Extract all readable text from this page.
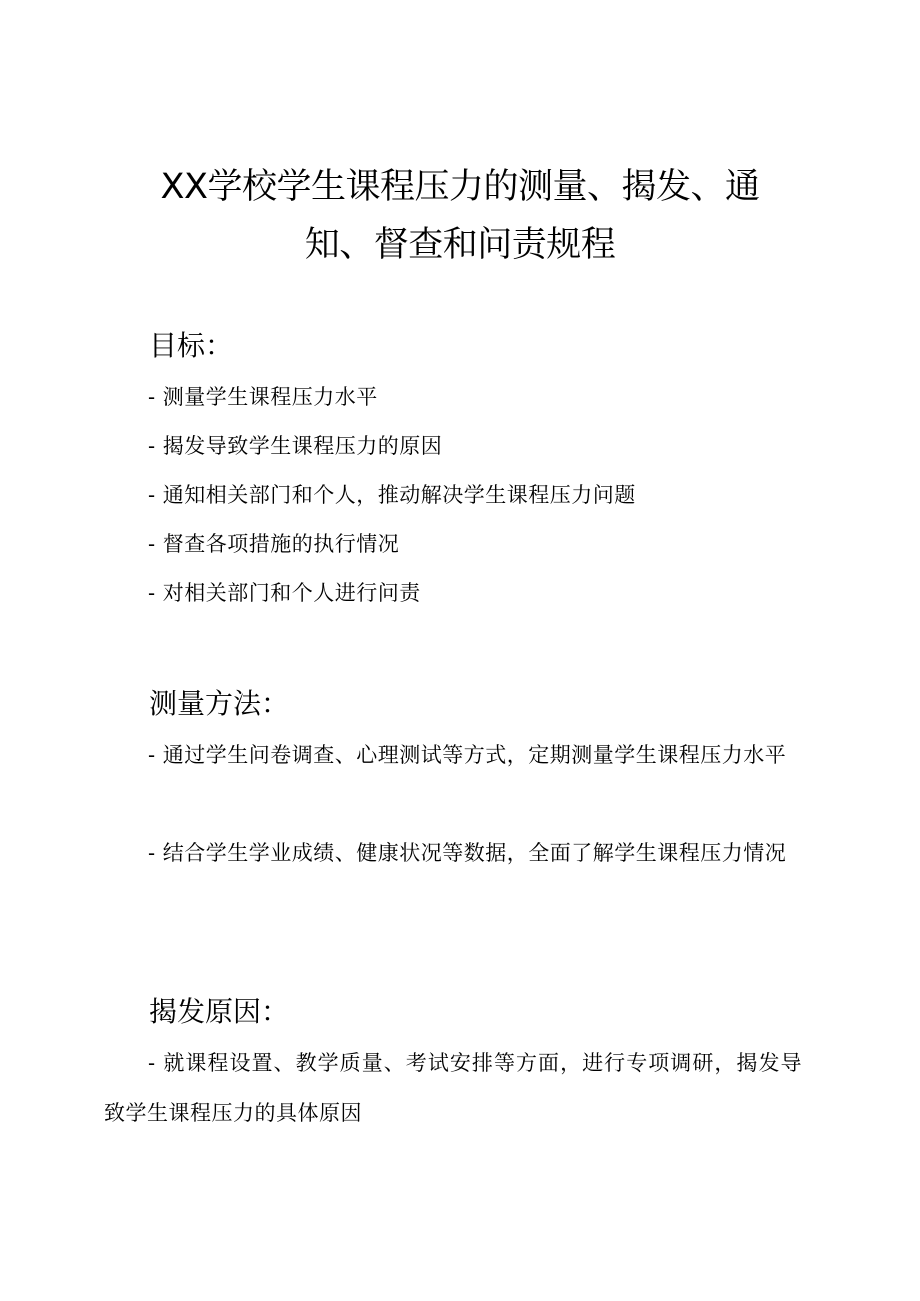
XX学校学生课程压力的测量、揭发、通
知、督查和问责规程
目标：

- 测量学生课程压力水平

- 揭发导致学生课程压力的原因

- 通知相关部门和个人，推动解决学生课程压力问题

- 督查各项措施的执行情况

- 对相关部门和个人进行问责

测量方法：

- 通过学生问卷调查、心理测试等方式，定期测量学生课程压力水平

- 结合学生学业成绩、健康状况等数据，全面了解学生课程压力情况

揭发原因：

- 就课程设置、教学质量、考试安排等方面，进行专项调研，揭发导致学生课程压力的具体原因
